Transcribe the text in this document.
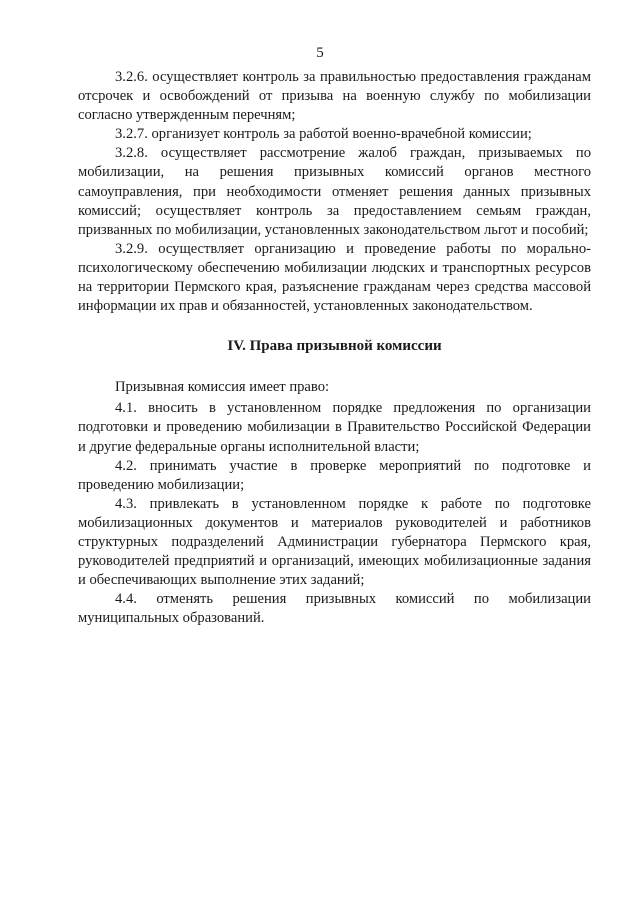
5

3.2.6. осуществляет контроль за правильностью предоставления гражданам отсрочек и освобождений от призыва на военную службу по мобилизации согласно утвержденным перечням;

3.2.7. организует контроль за работой военно-врачебной комиссии;

3.2.8. осуществляет рассмотрение жалоб граждан, призываемых по мобилизации, на решения призывных комиссий органов местного самоуправления, при необходимости отменяет решения данных призывных комиссий; осуществляет контроль за предоставлением семьям граждан, призванных по мобилизации, установленных законодательством льгот и пособий;

3.2.9. осуществляет организацию и проведение работы по морально-психологическому обеспечению мобилизации людских и транспортных ресурсов на территории Пермского края, разъяснение гражданам через средства массовой информации их прав и обязанностей, установленных законодательством.

IV. Права призывной комиссии

Призывная комиссия имеет право:

4.1. вносить в установленном порядке предложения по организации подготовки и проведению мобилизации в Правительство Российской Федерации и другие федеральные органы исполнительной власти;

4.2. принимать участие в проверке мероприятий по подготовке и проведению мобилизации;

4.3. привлекать в установленном порядке к работе по подготовке мобилизационных документов и материалов руководителей и работников структурных подразделений Администрации губернатора Пермского края, руководителей предприятий и организаций, имеющих мобилизационные задания и обеспечивающих выполнение этих заданий;

4.4. отменять решения призывных комиссий по мобилизации муниципальных образований.
